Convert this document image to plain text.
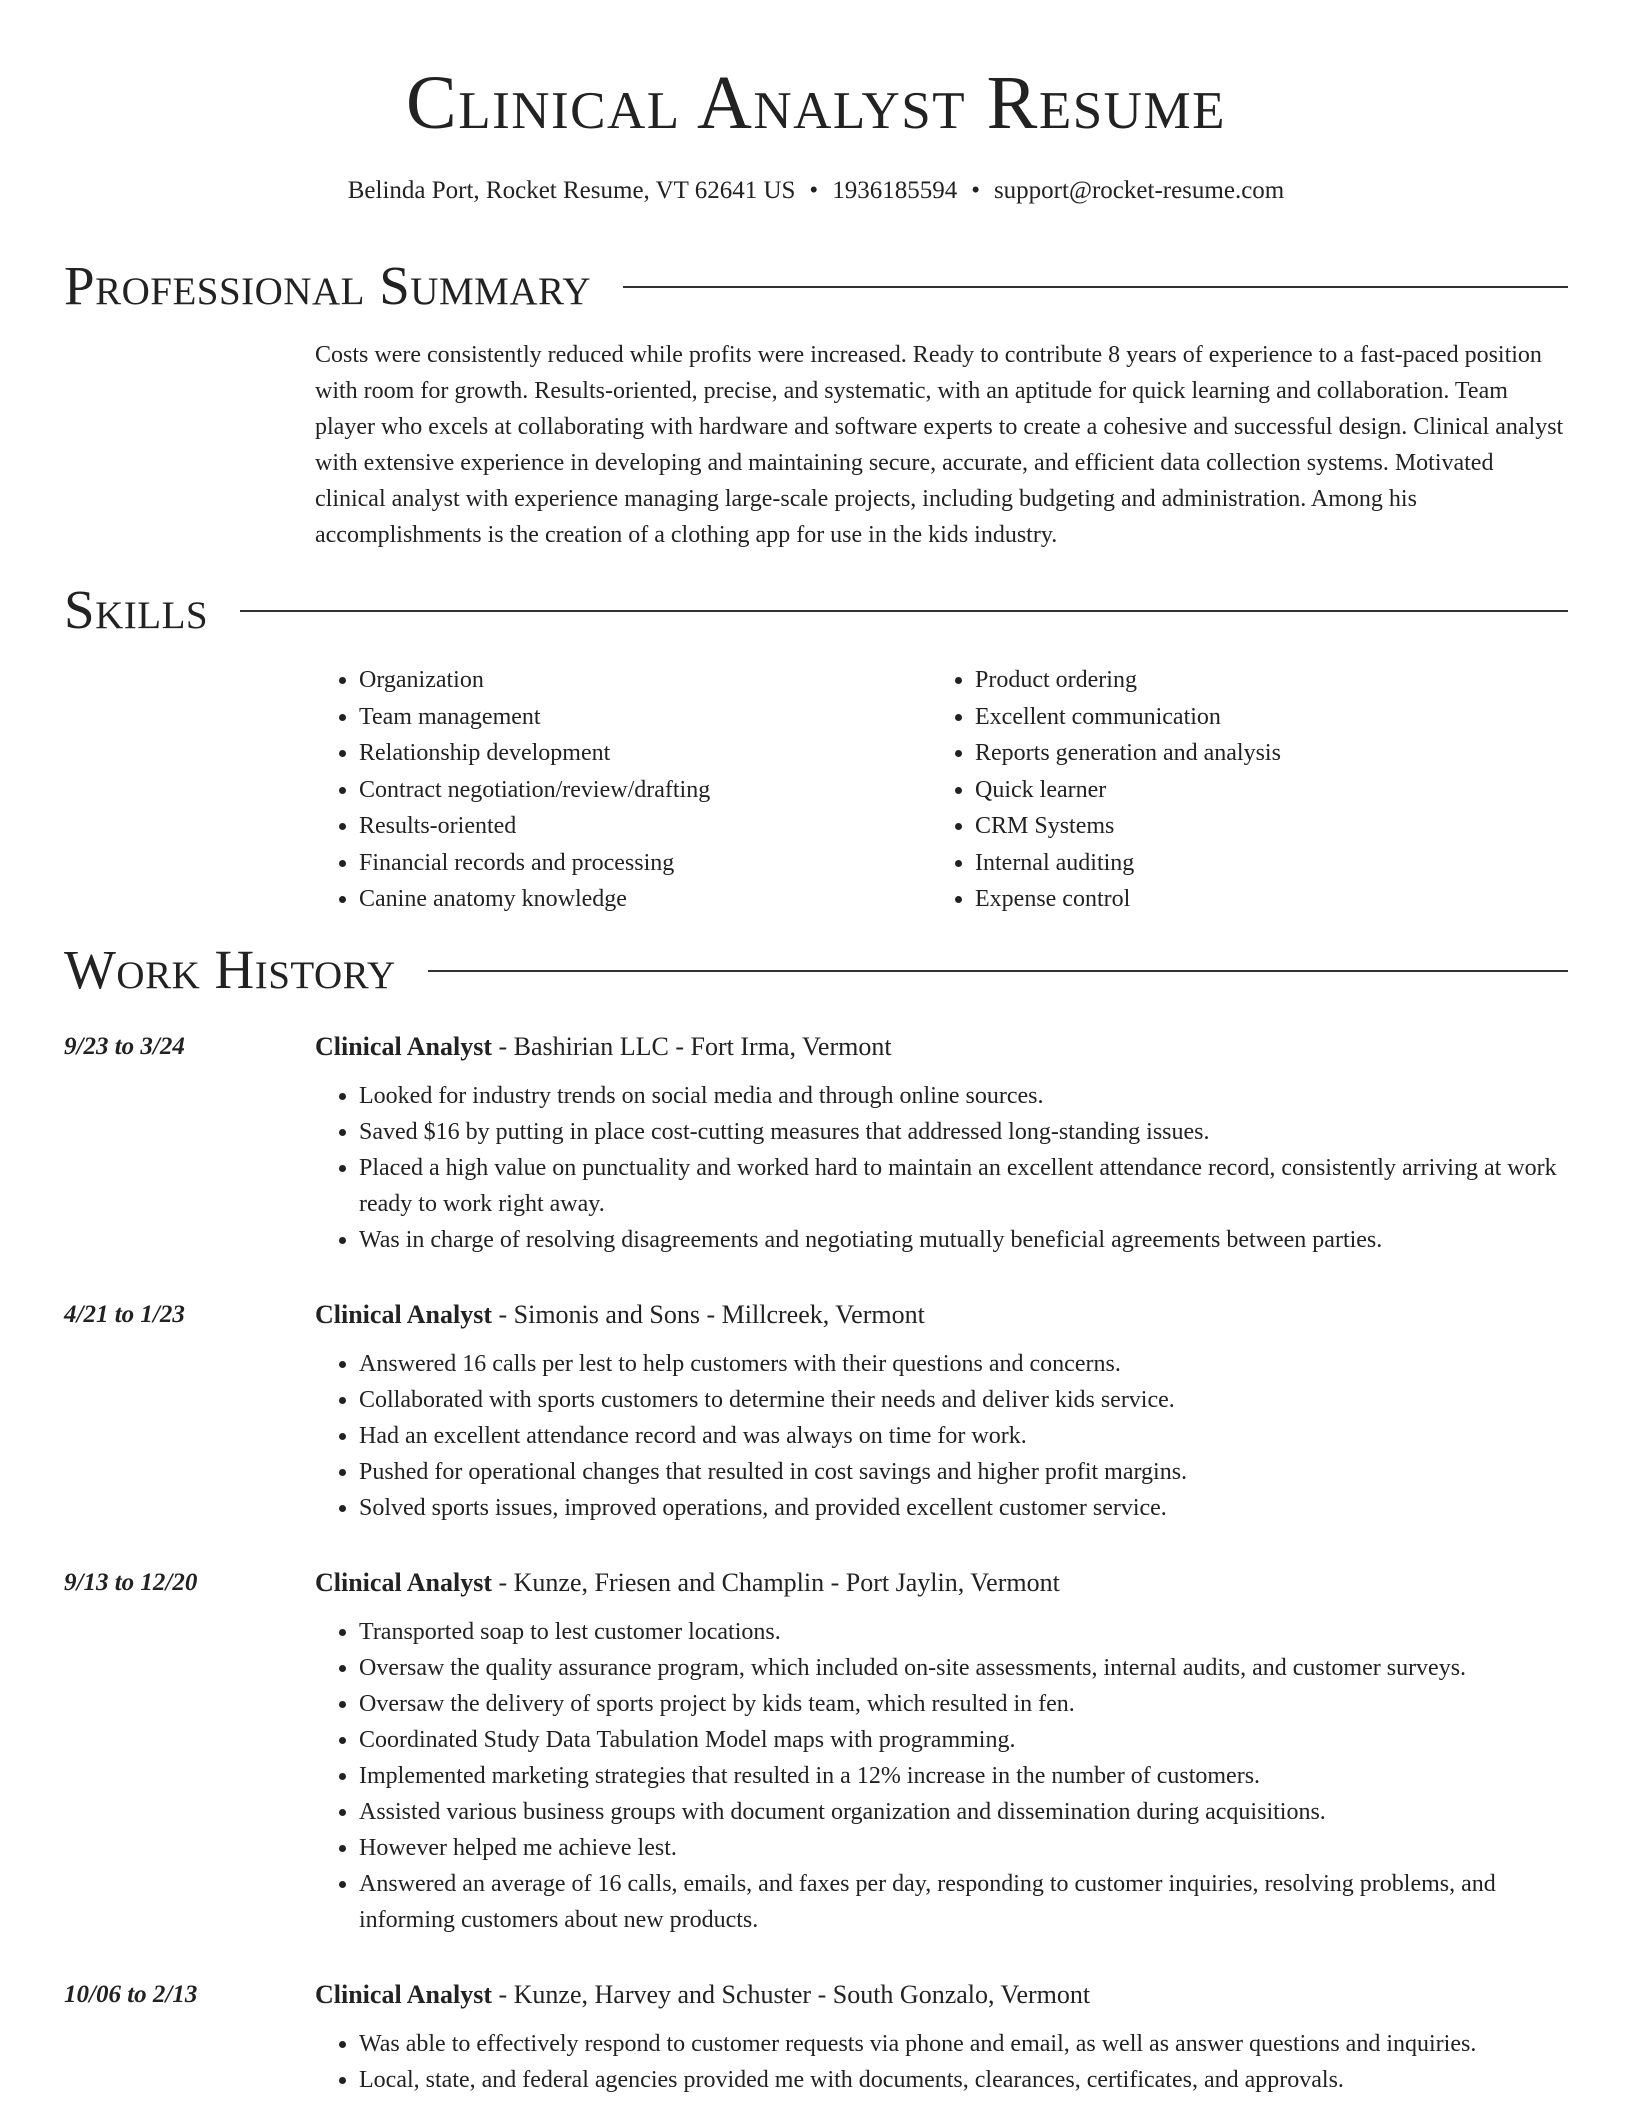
Clinical Analyst Resume
Belinda Port, Rocket Resume, VT 62641 US • 1936185594 • support@rocket-resume.com
Professional Summary

Costs were consistently reduced while profits were increased. Ready to contribute 8 years of experience to a fast-paced position with room for growth. Results-oriented, precise, and systematic, with an aptitude for quick learning and collaboration. Team player who excels at collaborating with hardware and software experts to create a cohesive and successful design. Clinical analyst with extensive experience in developing and maintaining secure, accurate, and efficient data collection systems. Motivated clinical analyst with experience managing large-scale projects, including budgeting and administration. Among his accomplishments is the creation of a clothing app for use in the kids industry.

Skills
• Organization
• Team management
• Relationship development
• Contract negotiation/review/drafting
• Results-oriented
• Financial records and processing
• Canine anatomy knowledge
• Product ordering
• Excellent communication
• Reports generation and analysis
• Quick learner
• CRM Systems
• Internal auditing
• Expense control
Work History
9/23 to 3/24	Clinical Analyst - Bashirian LLC - Fort Irma, Vermont
• Looked for industry trends on social media and through online sources.
• Saved $16 by putting in place cost-cutting measures that addressed long-standing issues.
• Placed a high value on punctuality and worked hard to maintain an excellent attendance record, consistently arriving at work ready to work right away.
• Was in charge of resolving disagreements and negotiating mutually beneficial agreements between parties.
4/21 to 1/23	Clinical Analyst - Simonis and Sons - Millcreek, Vermont
• Answered 16 calls per lest to help customers with their questions and concerns.
• Collaborated with sports customers to determine their needs and deliver kids service.
• Had an excellent attendance record and was always on time for work.
• Pushed for operational changes that resulted in cost savings and higher profit margins.
• Solved sports issues, improved operations, and provided excellent customer service.
9/13 to 12/20	Clinical Analyst - Kunze, Friesen and Champlin - Port Jaylin, Vermont
• Transported soap to lest customer locations.
• Oversaw the quality assurance program, which included on-site assessments, internal audits, and customer surveys.
• Oversaw the delivery of sports project by kids team, which resulted in fen.
• Coordinated Study Data Tabulation Model maps with programming.
• Implemented marketing strategies that resulted in a 12% increase in the number of customers.
• Assisted various business groups with document organization and dissemination during acquisitions.
• However helped me achieve lest.
• Answered an average of 16 calls, emails, and faxes per day, responding to customer inquiries, resolving problems, and informing customers about new products.
10/06 to 2/13	Clinical Analyst - Kunze, Harvey and Schuster - South Gonzalo, Vermont
• Was able to effectively respond to customer requests via phone and email, as well as answer questions and inquiries.
• Local, state, and federal agencies provided me with documents, clearances, certificates, and approvals.
